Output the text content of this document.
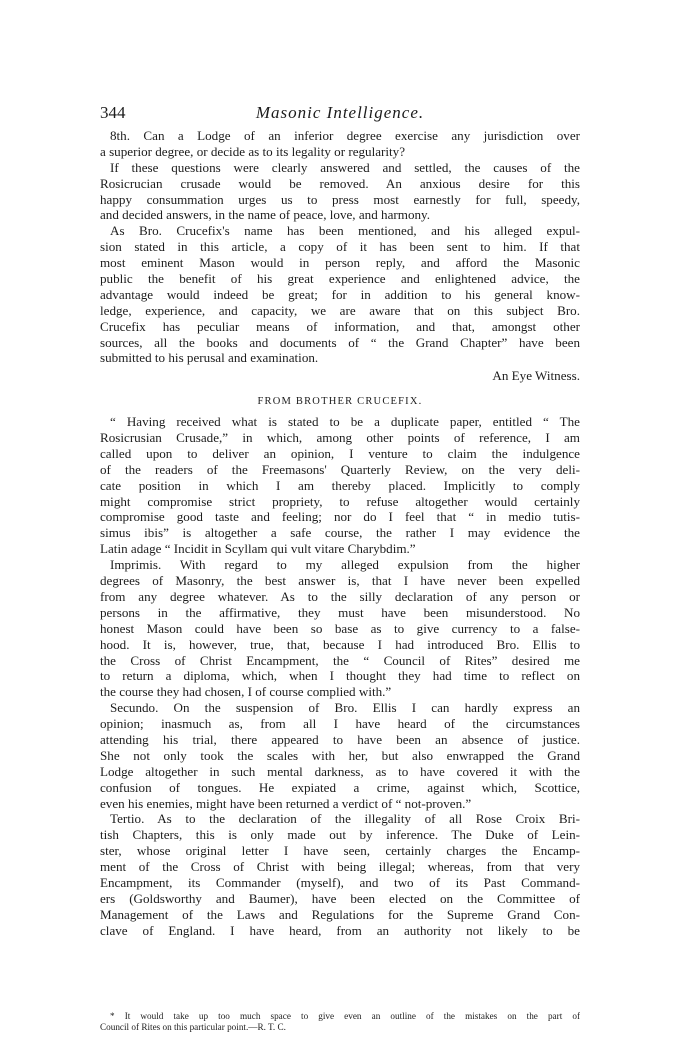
344	Masonic Intelligence.
8th. Can a Lodge of an inferior degree exercise any jurisdiction over
a superior degree, or decide as to its legality or regularity?
If these questions were clearly answered and settled, the causes of the
Rosicrucian crusade would be removed. An anxious desire for this
happy consummation urges us to press most earnestly for full, speedy,
and decided answers, in the name of peace, love, and harmony.
As Bro. Crucefix's name has been mentioned, and his alleged expul-
sion stated in this article, a copy of it has been sent to him. If that
most eminent Mason would in person reply, and afford the Masonic
public the benefit of his great experience and enlightened advice, the
advantage would indeed be great; for in addition to his general know-
ledge, experience, and capacity, we are aware that on this subject Bro.
Crucefix has peculiar means of information, and that, amongst other
sources, all the books and documents of “ the Grand Chapter” have been
submitted to his perusal and examination.
An Eye Witness.
FROM BROTHER CRUCEFIX.
“ Having received what is stated to be a duplicate paper, entitled “ The
Rosicrusian Crusade,” in which, among other points of reference, I am
called upon to deliver an opinion, I venture to claim the indulgence
of the readers of the Freemasons' Quarterly Review, on the very deli-
cate position in which I am thereby placed. Implicitly to comply
might compromise strict propriety, to refuse altogether would certainly
compromise good taste and feeling; nor do I feel that “ in medio tutis-
simus ibis” is altogether a safe course, the rather I may evidence the
Latin adage “ Incidit in Scyllam qui vult vitare Charybdim.”
Imprimis. With regard to my alleged expulsion from the higher
degrees of Masonry, the best answer is, that I have never been expelled
from any degree whatever. As to the silly declaration of any person or
persons in the affirmative, they must have been misunderstood. No
honest Mason could have been so base as to give currency to a false-
hood. It is, however, true, that, because I had introduced Bro. Ellis to
the Cross of Christ Encampment, the “ Council of Rites” desired me
to return a diploma, which, when I thought they had time to reflect on
the course they had chosen, I of course complied with.”
Secundo. On the suspension of Bro. Ellis I can hardly express an
opinion; inasmuch as, from all I have heard of the circumstances
attending his trial, there appeared to have been an absence of justice.
She not only took the scales with her, but also enwrapped the Grand
Lodge altogether in such mental darkness, as to have covered it with the
confusion of tongues. He expiated a crime, against which, Scottice,
even his enemies, might have been returned a verdict of “ not-proven.”
Tertio. As to the declaration of the illegality of all Rose Croix Bri-
tish Chapters, this is only made out by inference. The Duke of Lein-
ster, whose original letter I have seen, certainly charges the Encamp-
ment of the Cross of Christ with being illegal; whereas, from that very
Encampment, its Commander (myself), and two of its Past Command-
ers (Goldsworthy and Baumer), have been elected on the Committee of
Management of the Laws and Regulations for the Supreme Grand Con-
clave of England. I have heard, from an authority not likely to be
* It would take up too much space to give even an outline of the mistakes on the part of
Council of Rites on this particular point.—R. T. C.
